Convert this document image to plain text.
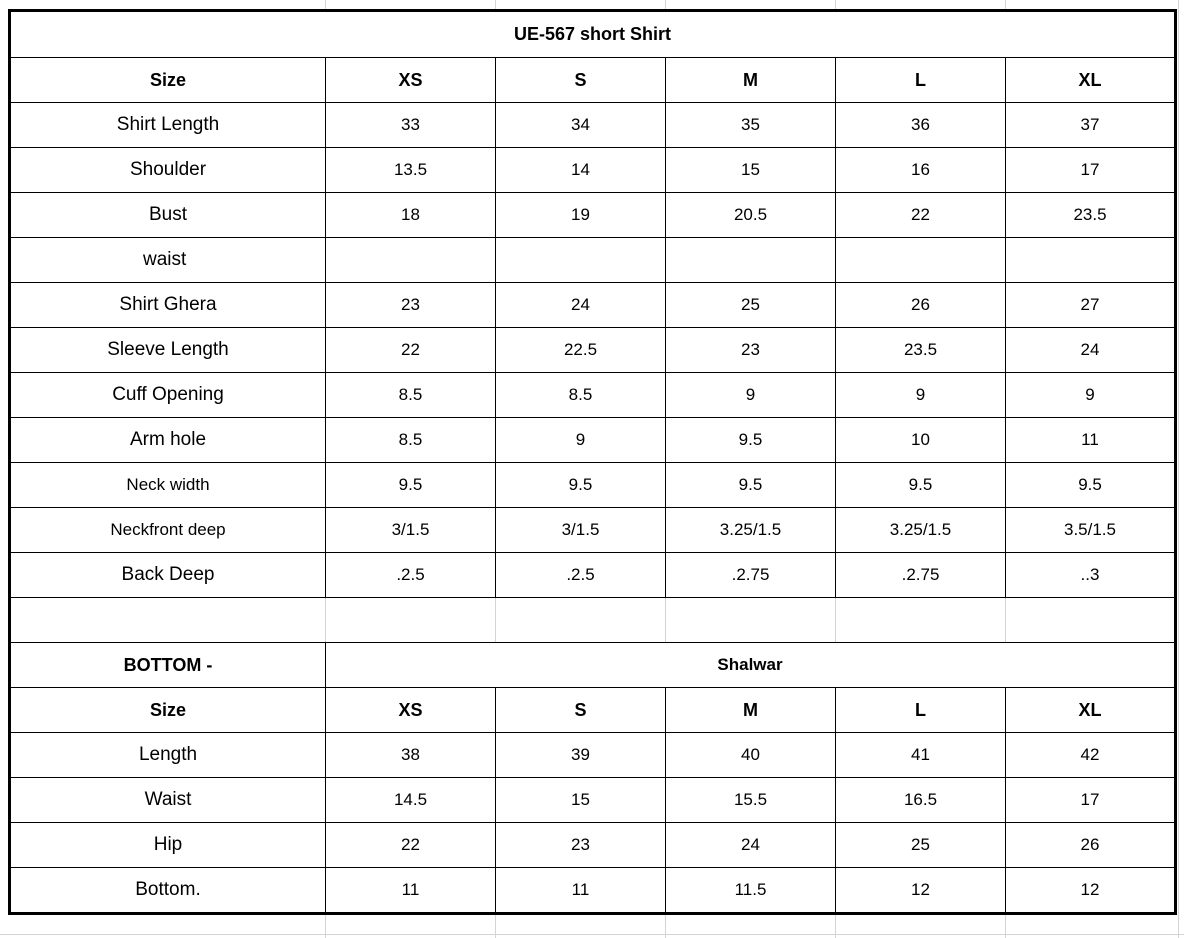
UE-567 short Shirt					
Size	XS	S	M	L	XL
Shirt Length	33	34	35	36	37
Shoulder	13.5	14	15	16	17
Bust	18	19	20.5	22	23.5
waist					
Shirt Ghera	23	24	25	26	27
Sleeve Length	22	22.5	23	23.5	24
Cuff Opening	8.5	8.5	9	9	9
Arm hole	8.5	9	9.5	10	11
Neck width	9.5	9.5	9.5	9.5	9.5
Neckfront deep	3/1.5	3/1.5	3.25/1.5	3.25/1.5	3.5/1.5
Back Deep	.2.5	.2.5	.2.75	.2.75	..3

BOTTOM -	Shalwar				
Size	XS	S	M	L	XL
Length	38	39	40	41	42
Waist	14.5	15	15.5	16.5	17
Hip	22	23	24	25	26
Bottom.	11	11	11.5	12	12
